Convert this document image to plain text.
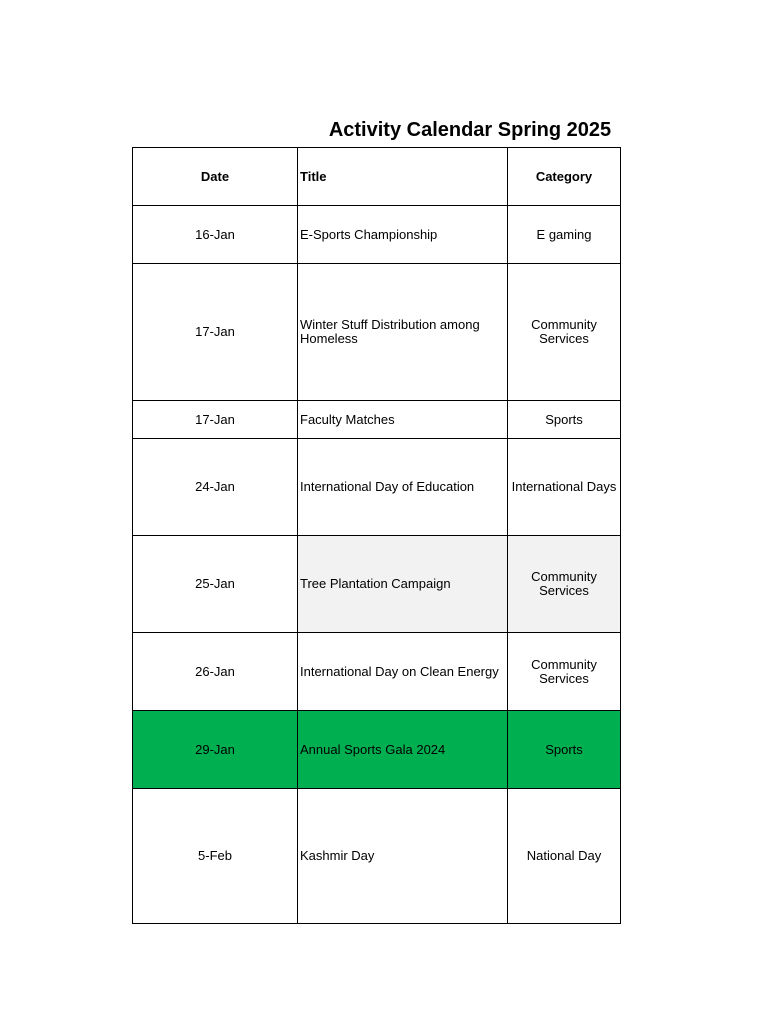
Activity Calendar Spring 2025
Date	Title	Category
16-Jan	E-Sports Championship	E gaming
17-Jan	Winter Stuff Distribution among Homeless	Community Services
17-Jan	Faculty Matches	Sports
24-Jan	International Day of Education	International Days
25-Jan	Tree Plantation Campaign	Community Services
26-Jan	International Day on Clean Energy	Community Services
29-Jan	Annual Sports Gala 2024	Sports
5-Feb	Kashmir Day	National Day
